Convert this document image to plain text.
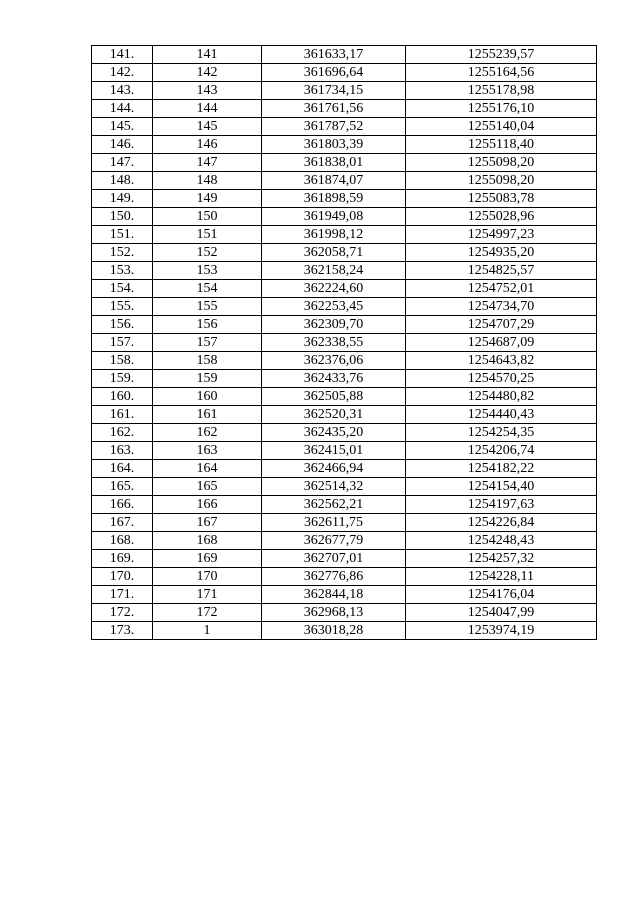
141.	141	361633,17	1255239,57
142.	142	361696,64	1255164,56
143.	143	361734,15	1255178,98
144.	144	361761,56	1255176,10
145.	145	361787,52	1255140,04
146.	146	361803,39	1255118,40
147.	147	361838,01	1255098,20
148.	148	361874,07	1255098,20
149.	149	361898,59	1255083,78
150.	150	361949,08	1255028,96
151.	151	361998,12	1254997,23
152.	152	362058,71	1254935,20
153.	153	362158,24	1254825,57
154.	154	362224,60	1254752,01
155.	155	362253,45	1254734,70
156.	156	362309,70	1254707,29
157.	157	362338,55	1254687,09
158.	158	362376,06	1254643,82
159.	159	362433,76	1254570,25
160.	160	362505,88	1254480,82
161.	161	362520,31	1254440,43
162.	162	362435,20	1254254,35
163.	163	362415,01	1254206,74
164.	164	362466,94	1254182,22
165.	165	362514,32	1254154,40
166.	166	362562,21	1254197,63
167.	167	362611,75	1254226,84
168.	168	362677,79	1254248,43
169.	169	362707,01	1254257,32
170.	170	362776,86	1254228,11
171.	171	362844,18	1254176,04
172.	172	362968,13	1254047,99
173.	1	363018,28	1253974,19
